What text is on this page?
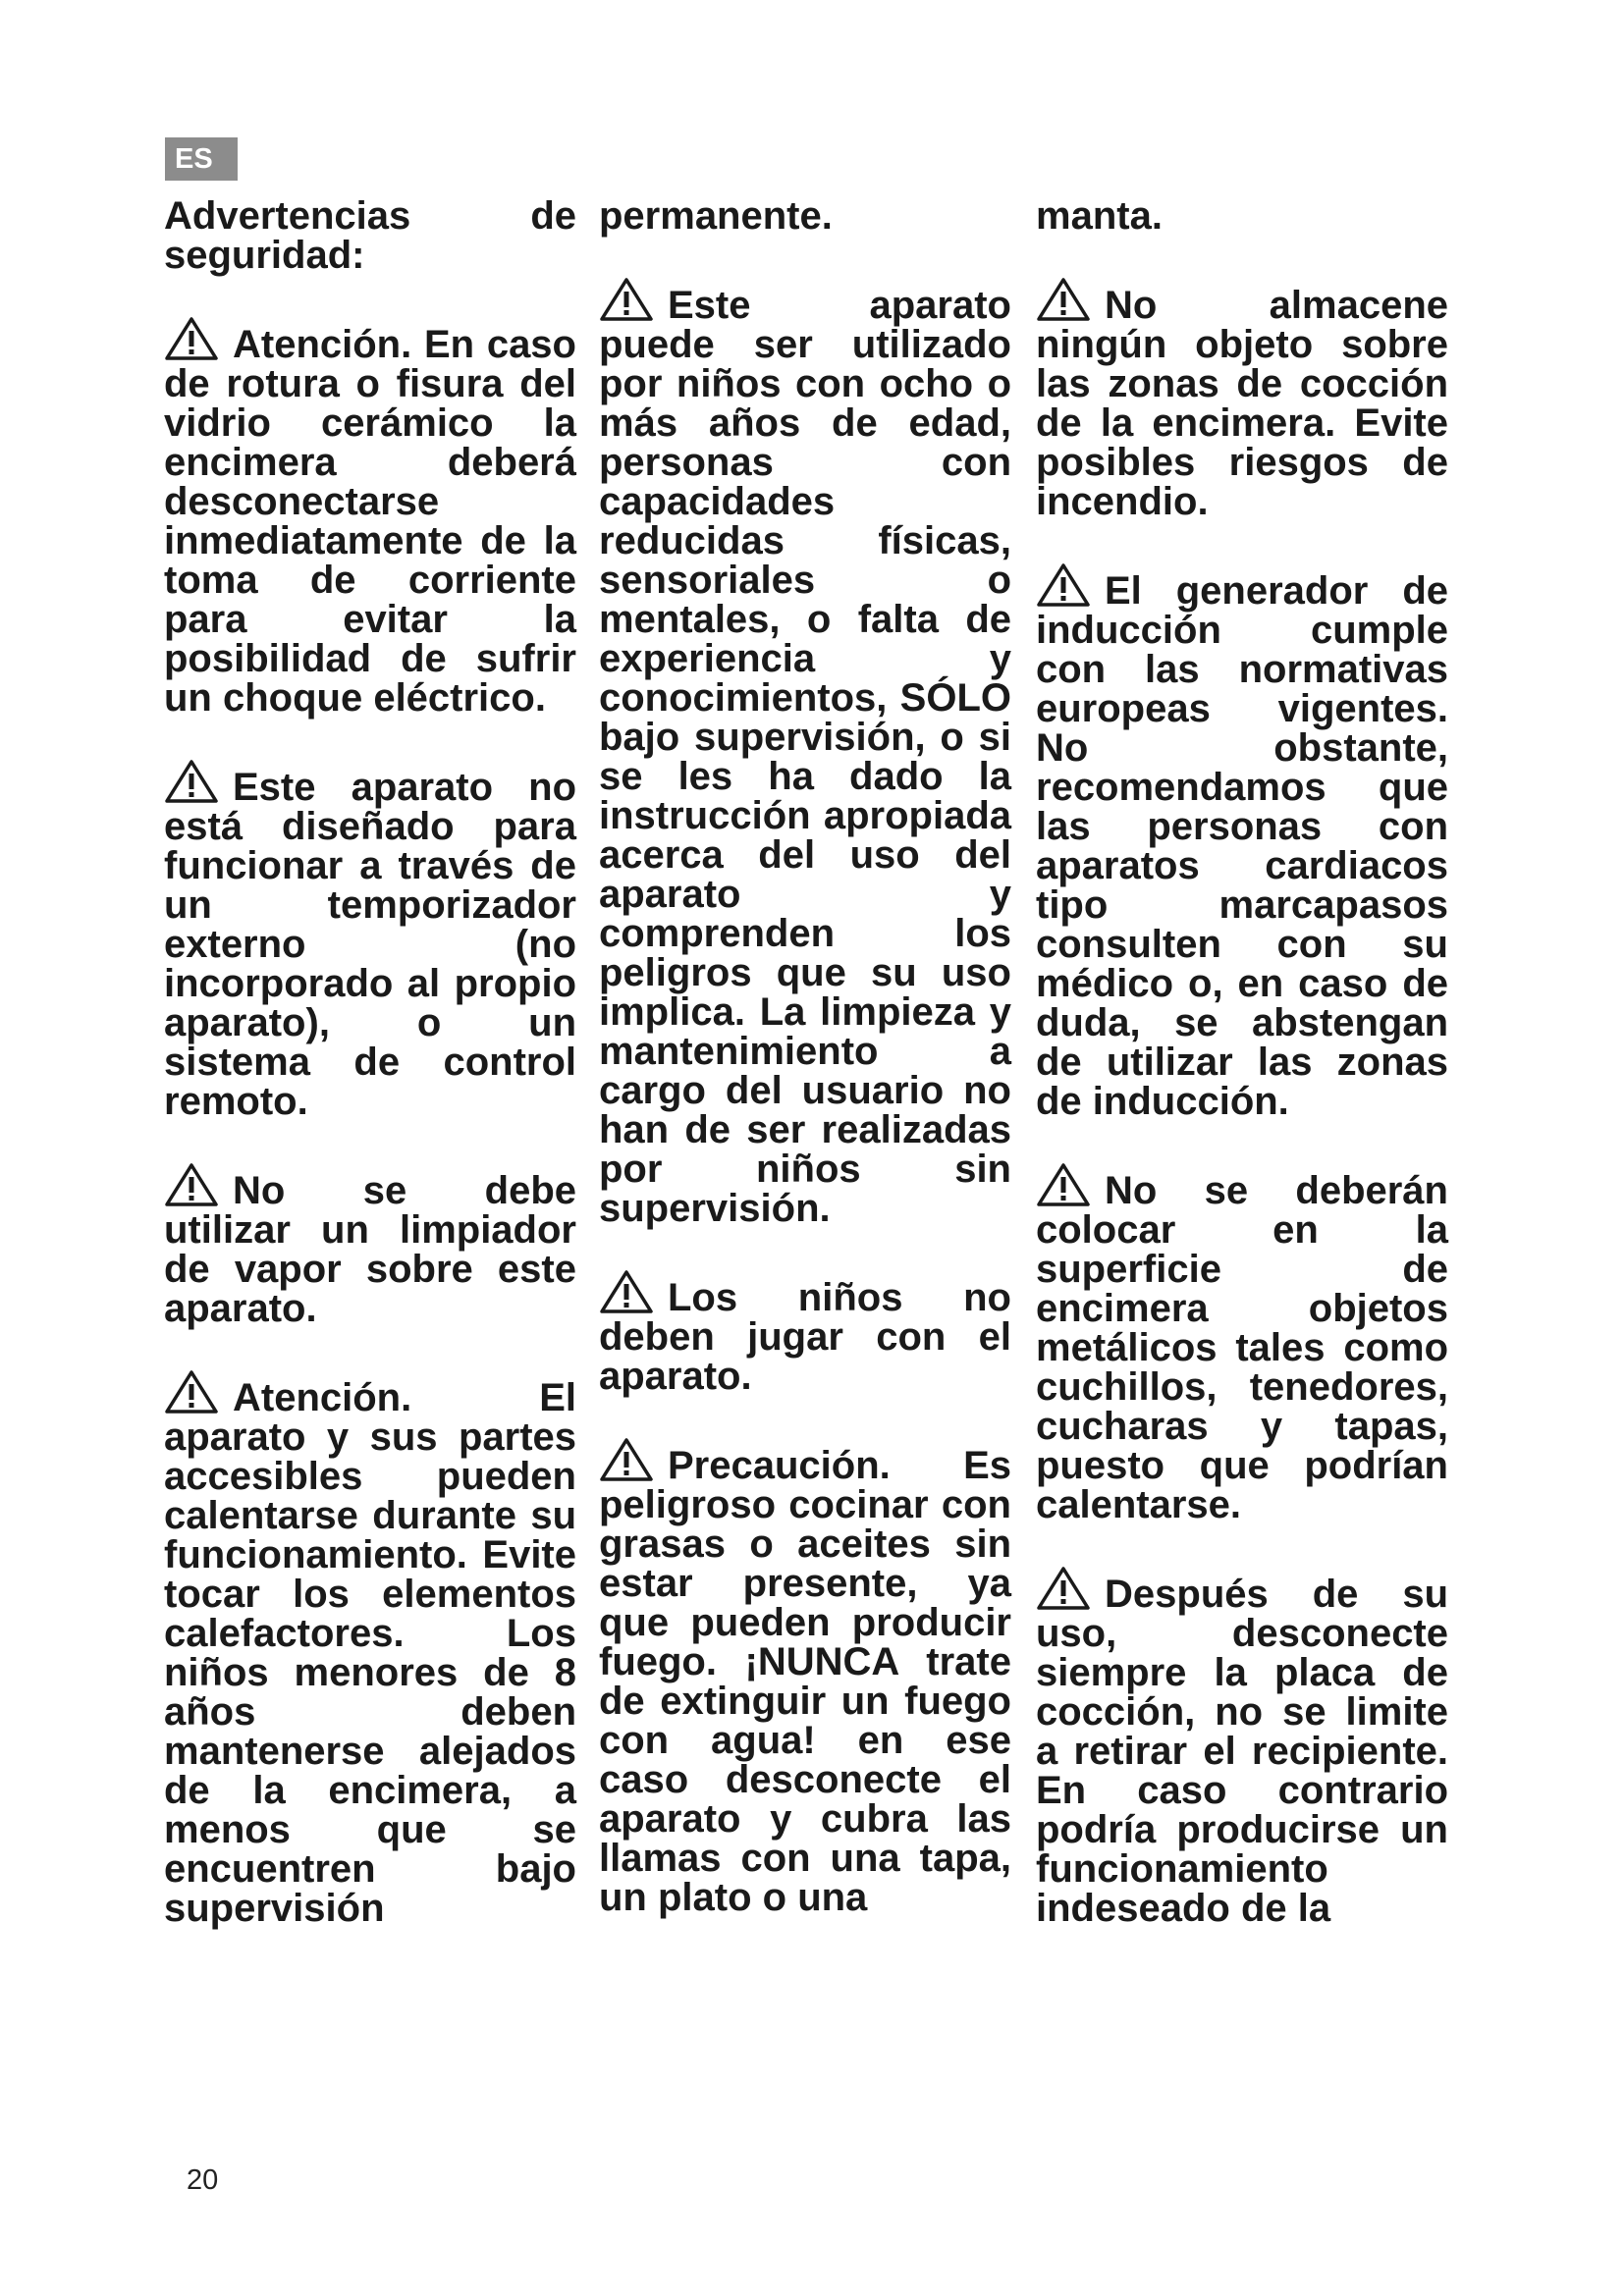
ES
Advertencias de seguridad:

Atención. En caso de rotura o fisura del vidrio cerámico la encimera deberá desconectarse inmediatamente de la toma de corriente para evitar la posibilidad de sufrir un choque eléctrico.

Este aparato no está diseñado para funcionar a través de un temporizador externo (no incorporado al propio aparato), o un sistema de control remoto.

No se debe utilizar un limpiador de vapor sobre este aparato.

Atención. El aparato y sus partes accesibles pueden calentarse durante su funcionamiento. Evite tocar los elementos calefactores. Los niños menores de 8 años deben mantenerse alejados de la encimera, a menos que se encuentren bajo supervisión

permanente.

Este aparato puede ser utilizado por niños con ocho o más años de edad, personas con capacidades reducidas físicas, sensoriales o mentales, o falta de experiencia y conocimientos, SÓLO bajo supervisión, o si se les ha dado la instrucción apropiada acerca del uso del aparato y comprenden los peligros que su uso implica. La limpieza y mantenimiento a cargo del usuario no han de ser realizadas por niños sin supervisión.

Los niños no deben jugar con el aparato.

Precaución. Es peligroso cocinar con grasas o aceites sin estar presente, ya que pueden producir fuego. ¡NUNCA trate de extinguir un fuego con agua! en ese caso desconecte el aparato y cubra las llamas con una tapa, un plato o una

manta.

No almacene ningún objeto sobre las zonas de cocción de la encimera. Evite posibles riesgos de incendio.

El generador de inducción cumple con las normativas europeas vigentes. No obstante, recomendamos que las personas con aparatos cardiacos tipo marcapasos consulten con su médico o, en caso de duda, se abstengan de utilizar las zonas de inducción.

No se deberán colocar en la superficie de encimera objetos metálicos tales como cuchillos, tenedores, cucharas y tapas, puesto que podrían calentarse.

Después de su uso, desconecte siempre la placa de cocción, no se limite a retirar el recipiente. En caso contrario podría producirse un funcionamiento indeseado de la

20
